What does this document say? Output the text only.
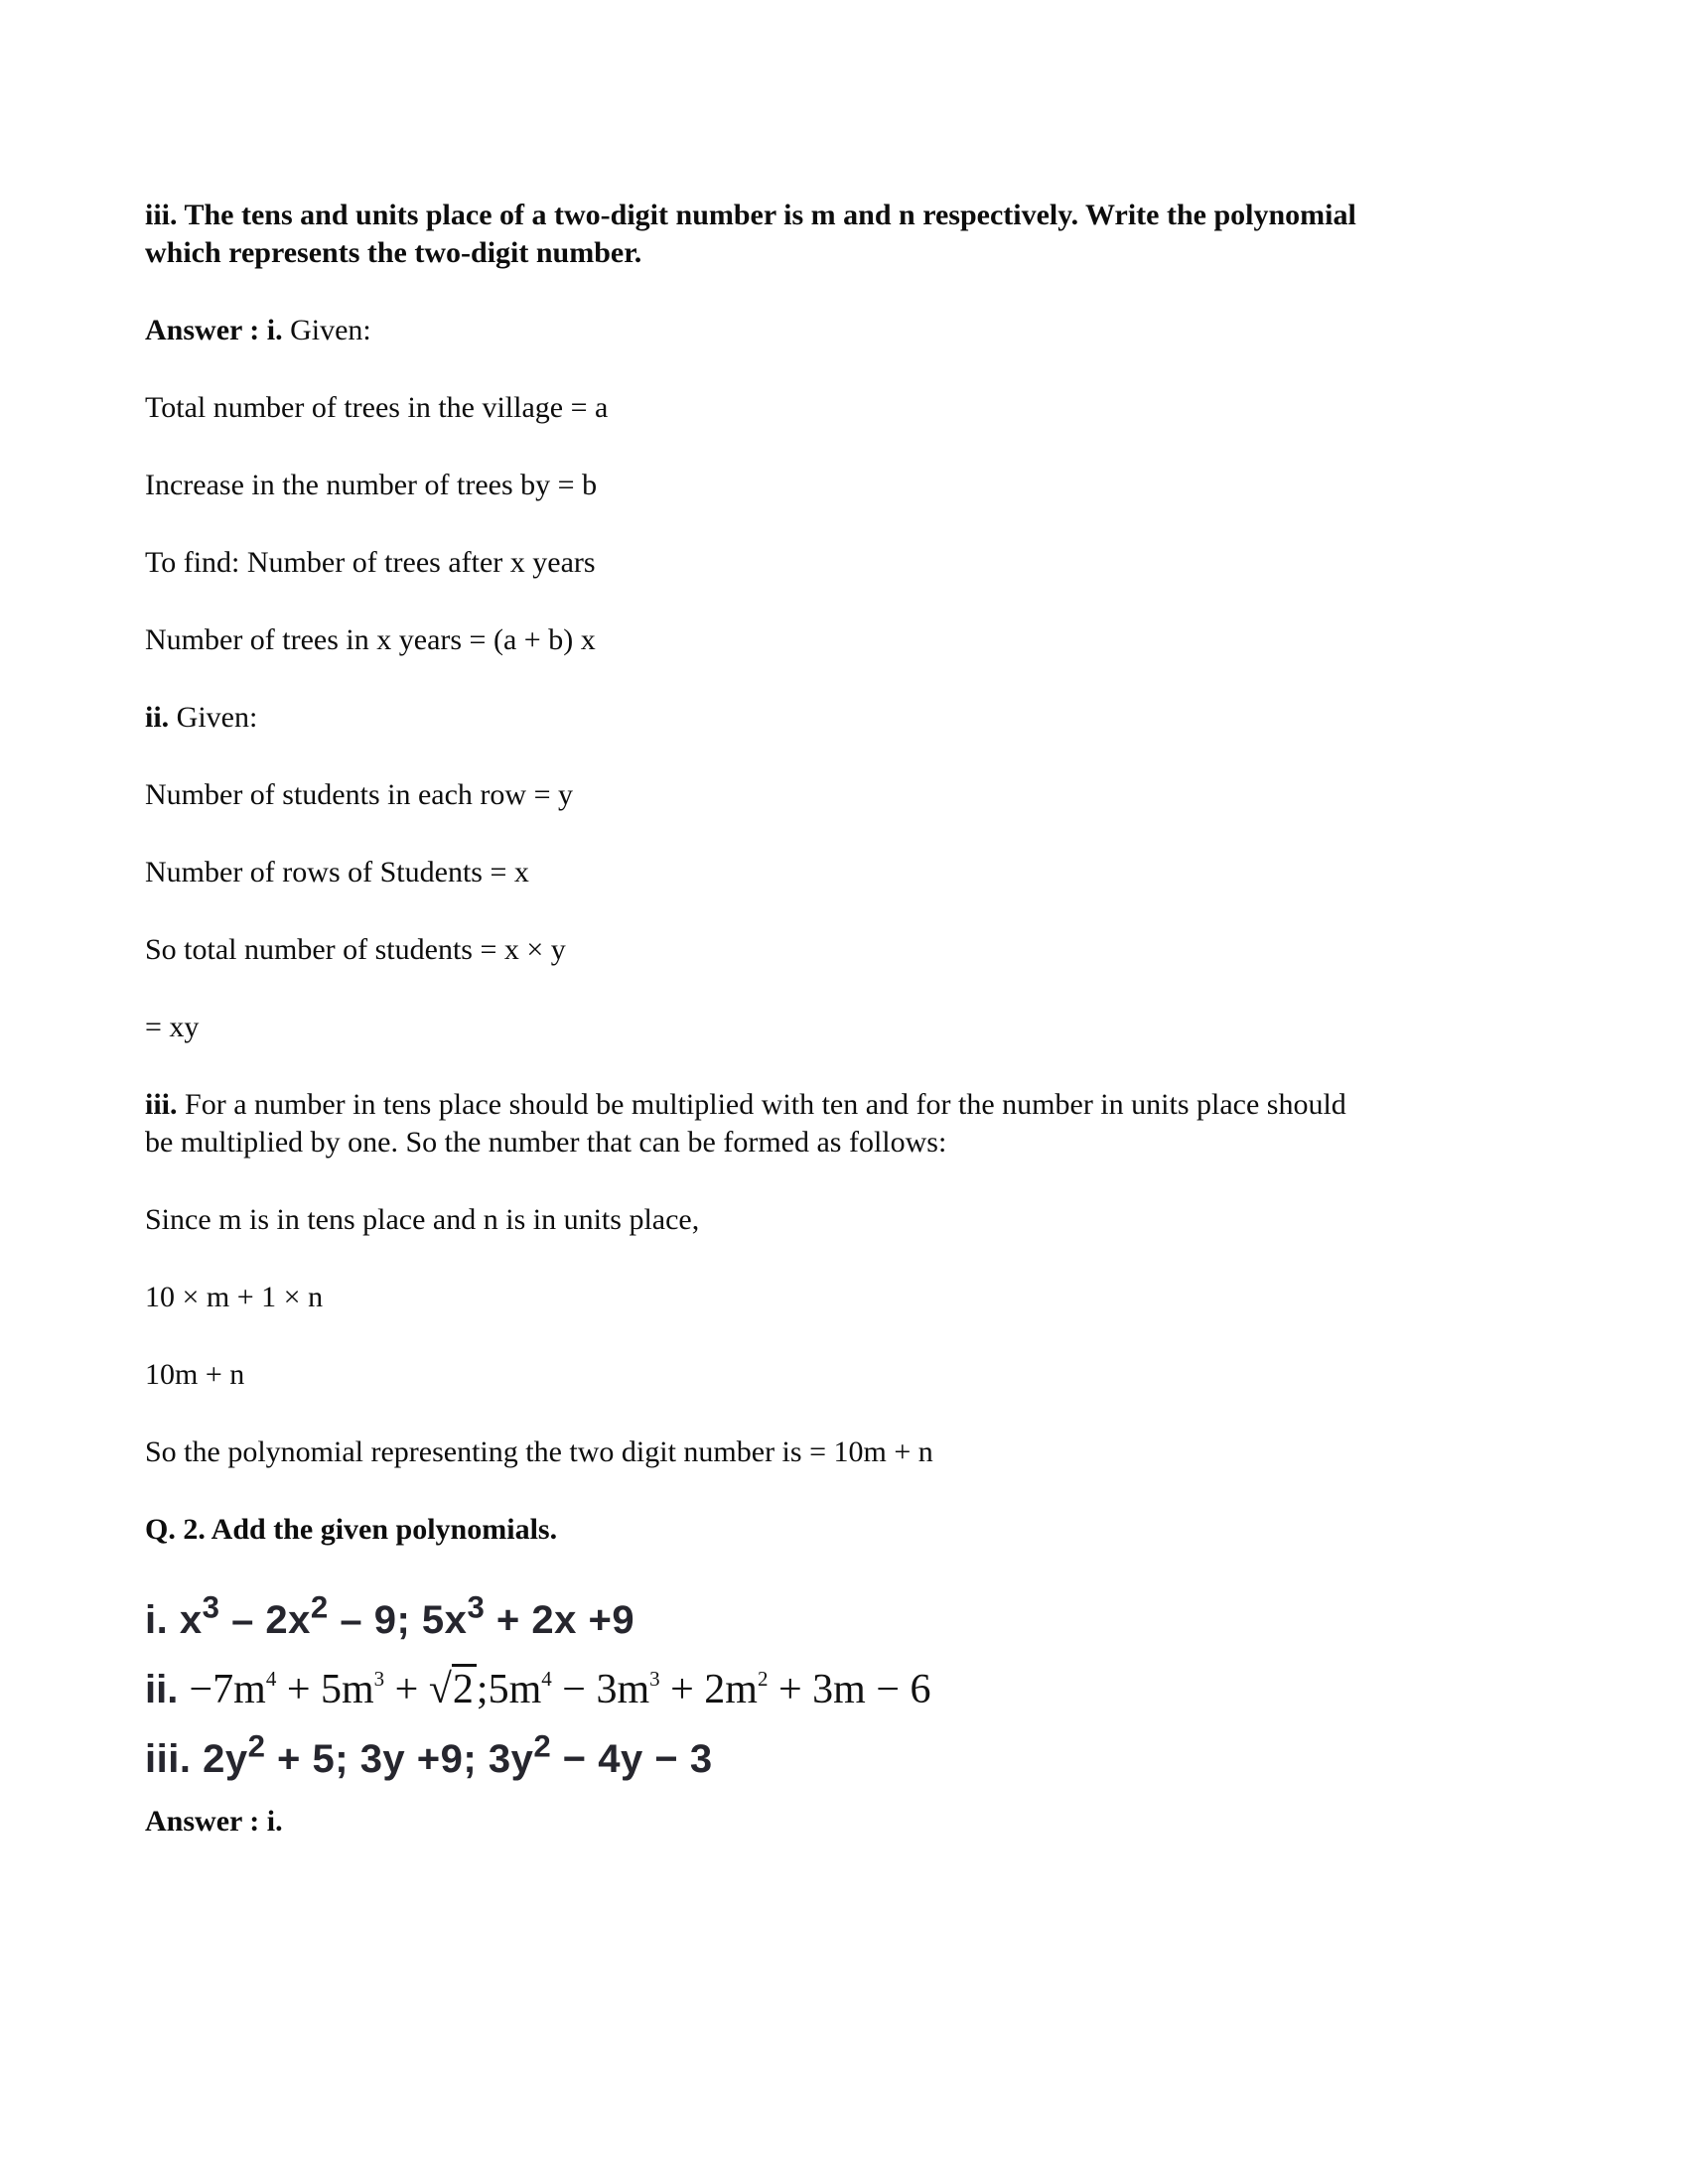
iii. The tens and units place of a two-digit number is m and n respectively. Write the polynomial which represents the two-digit number.

Answer : i. Given:

Total number of trees in the village = a

Increase in the number of trees by = b

To find: Number of trees after x years

Number of trees in x years = (a + b) x

ii. Given:

Number of students in each row = y

Number of rows of Students = x

So total number of students = x × y

= xy

iii. For a number in tens place should be multiplied with ten and for the number in units place should be multiplied by one. So the number that can be formed as follows:

Since m is in tens place and n is in units place,

10 × m + 1 × n

10m + n

So the polynomial representing the two digit number is = 10m + n

Q. 2. Add the given polynomials.

i. $x^3 - 2x^2 - 9$; $5x^3 + 2x +9$
ii. $-7m^4 + 5m^3$ + $√2;5m^4 - 3m^3 + 2m^2 + 3m - 6$
iii. $2y^2 + 5$; 3y +9; $3y^2 - 4y - 3$

Answer : i.
